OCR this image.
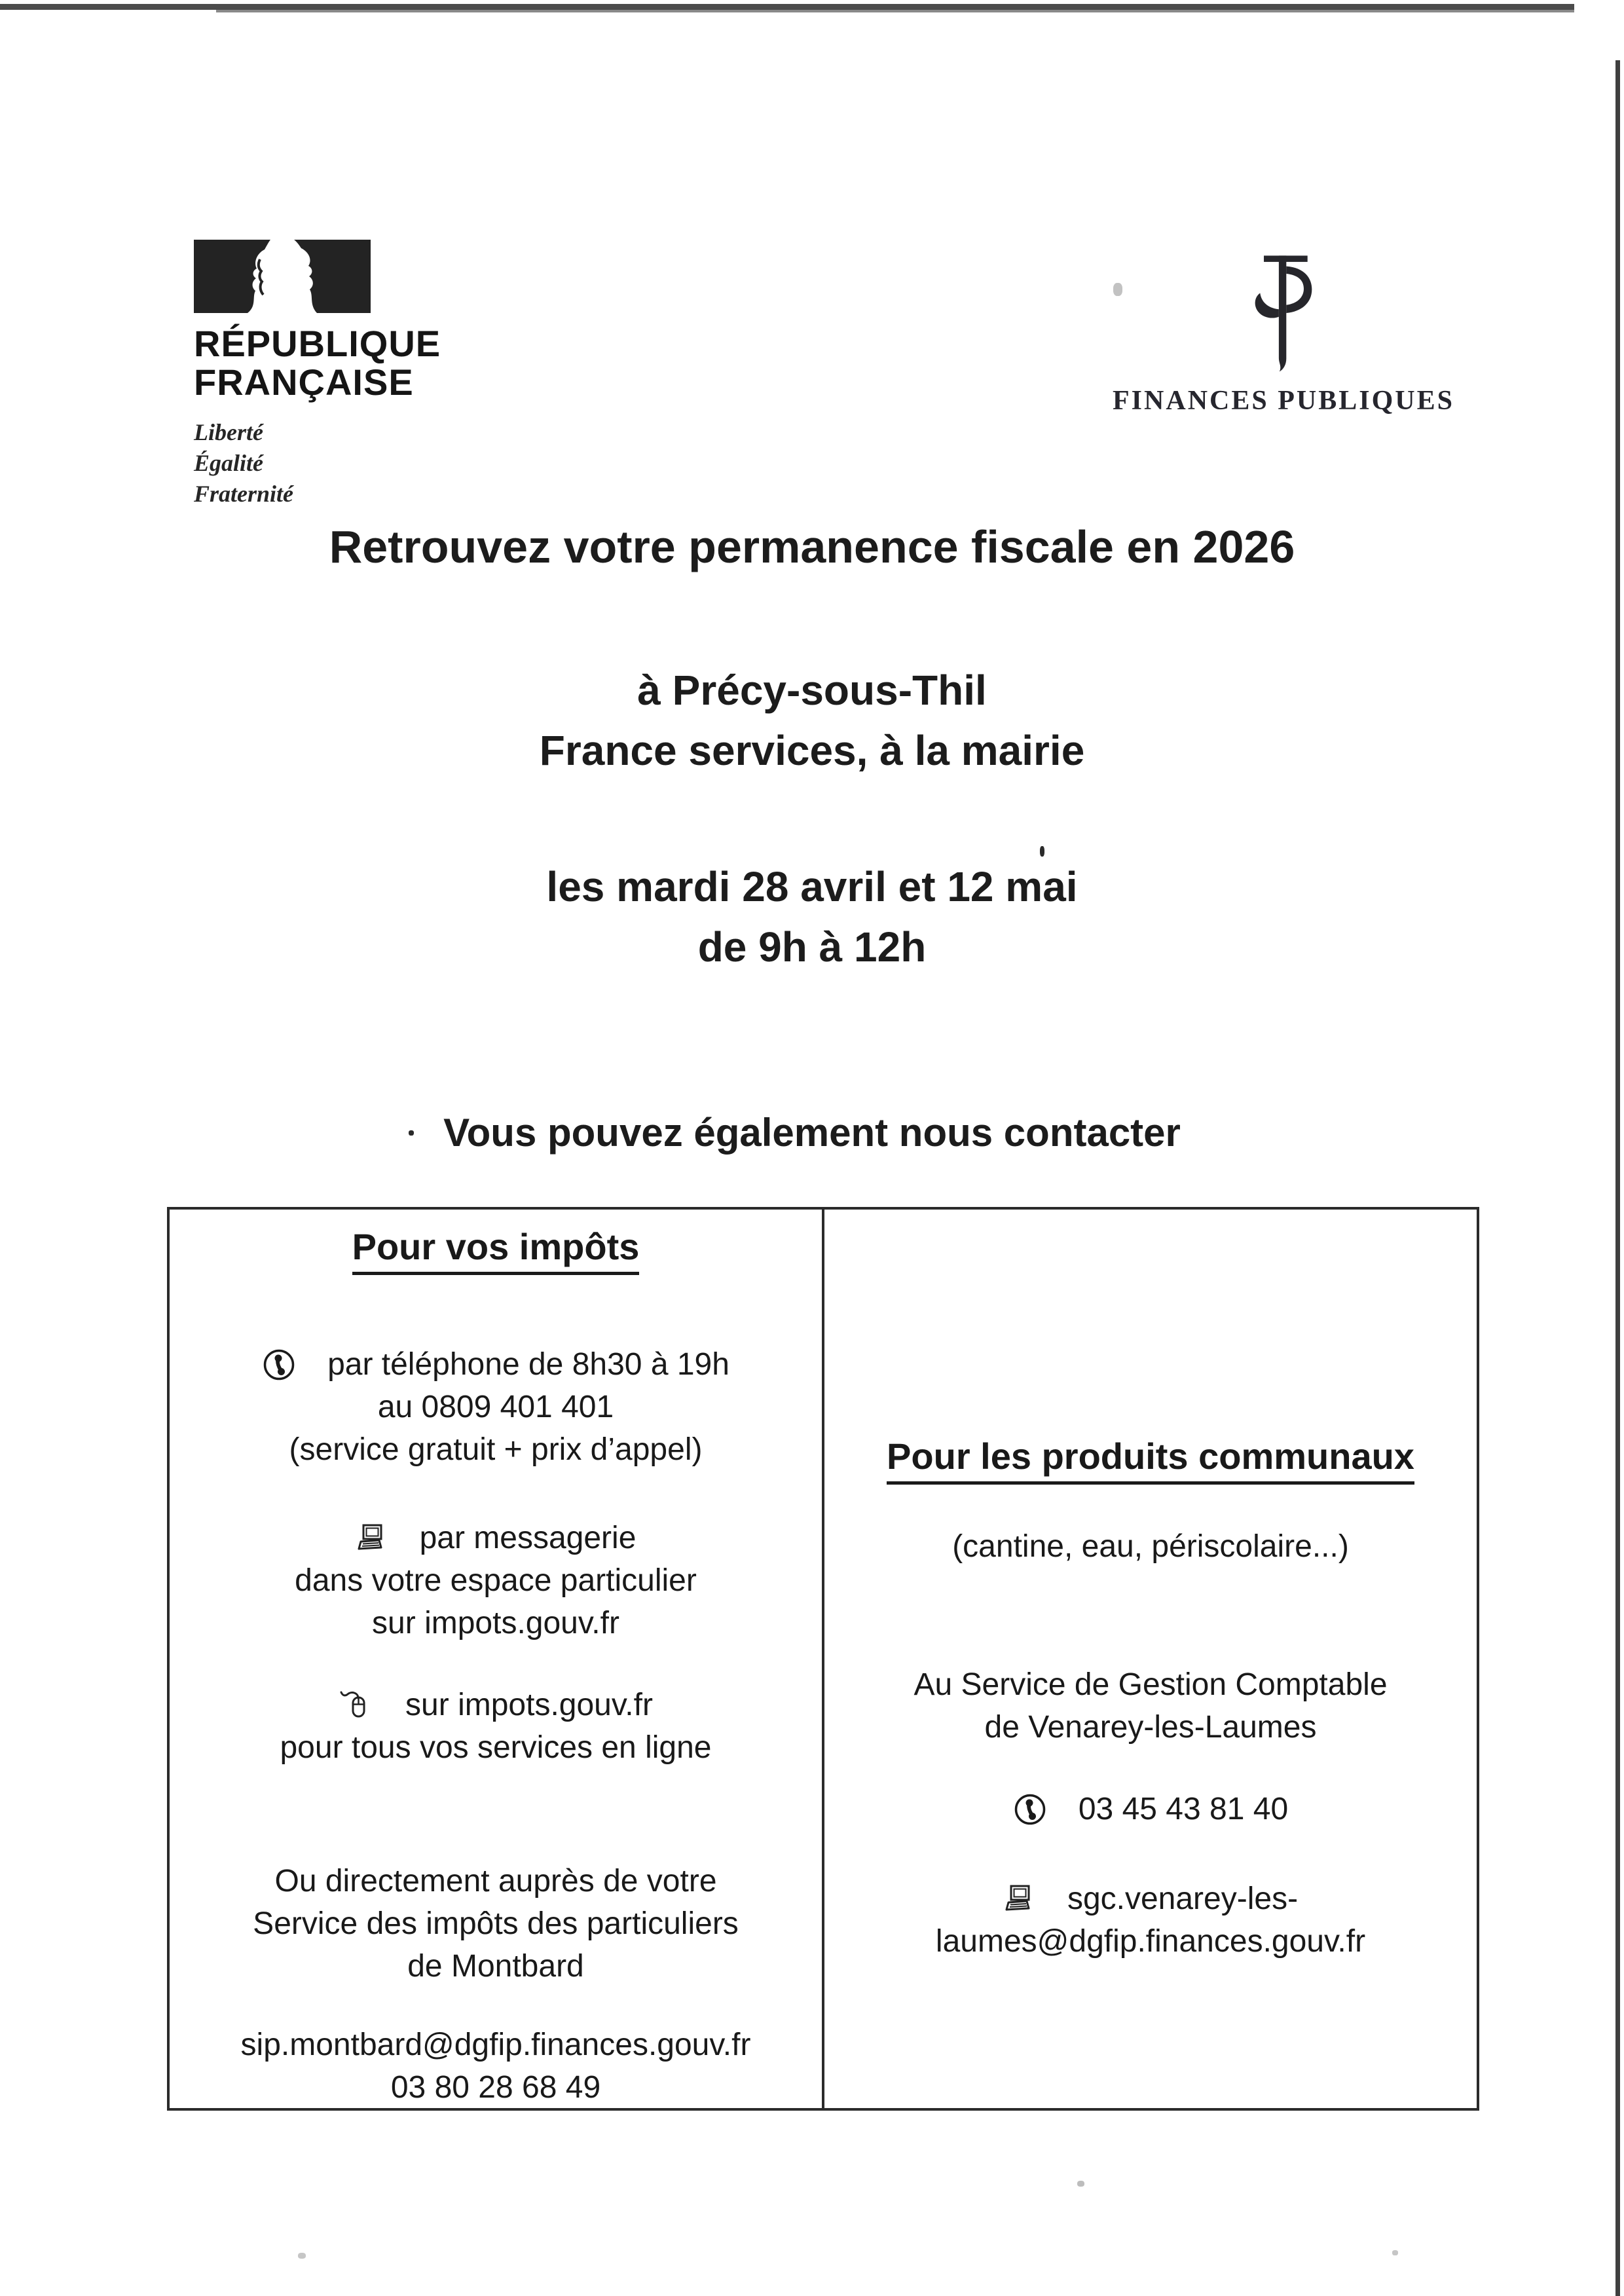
RÉPUBLIQUE
FRANÇAISE
Liberté
Égalité
Fraternité
FINANCES PUBLIQUES
Retrouvez votre permanence fiscale en 2026
à Précy-sous-Thil
France services, à la mairie
les mardi 28 avril et 12 mai
de 9h à 12h
Vous pouvez également nous contacter
Pour vos impôts
par téléphone de 8h30 à 19h
au 0809 401 401
(service gratuit + prix d’appel)
par messagerie
dans votre espace particulier
sur impots.gouv.fr
sur impots.gouv.fr
pour tous vos services en ligne
Ou directement auprès de votre
Service des impôts des particuliers
de Montbard
sip.montbard@dgfip.finances.gouv.fr
03 80 28 68 49
Pour les produits communaux
(cantine, eau, périscolaire...)
Au Service de Gestion Comptable
de Venarey-les-Laumes
03 45 43 81 40
sgc.venarey-les-
laumes@dgfip.finances.gouv.fr
